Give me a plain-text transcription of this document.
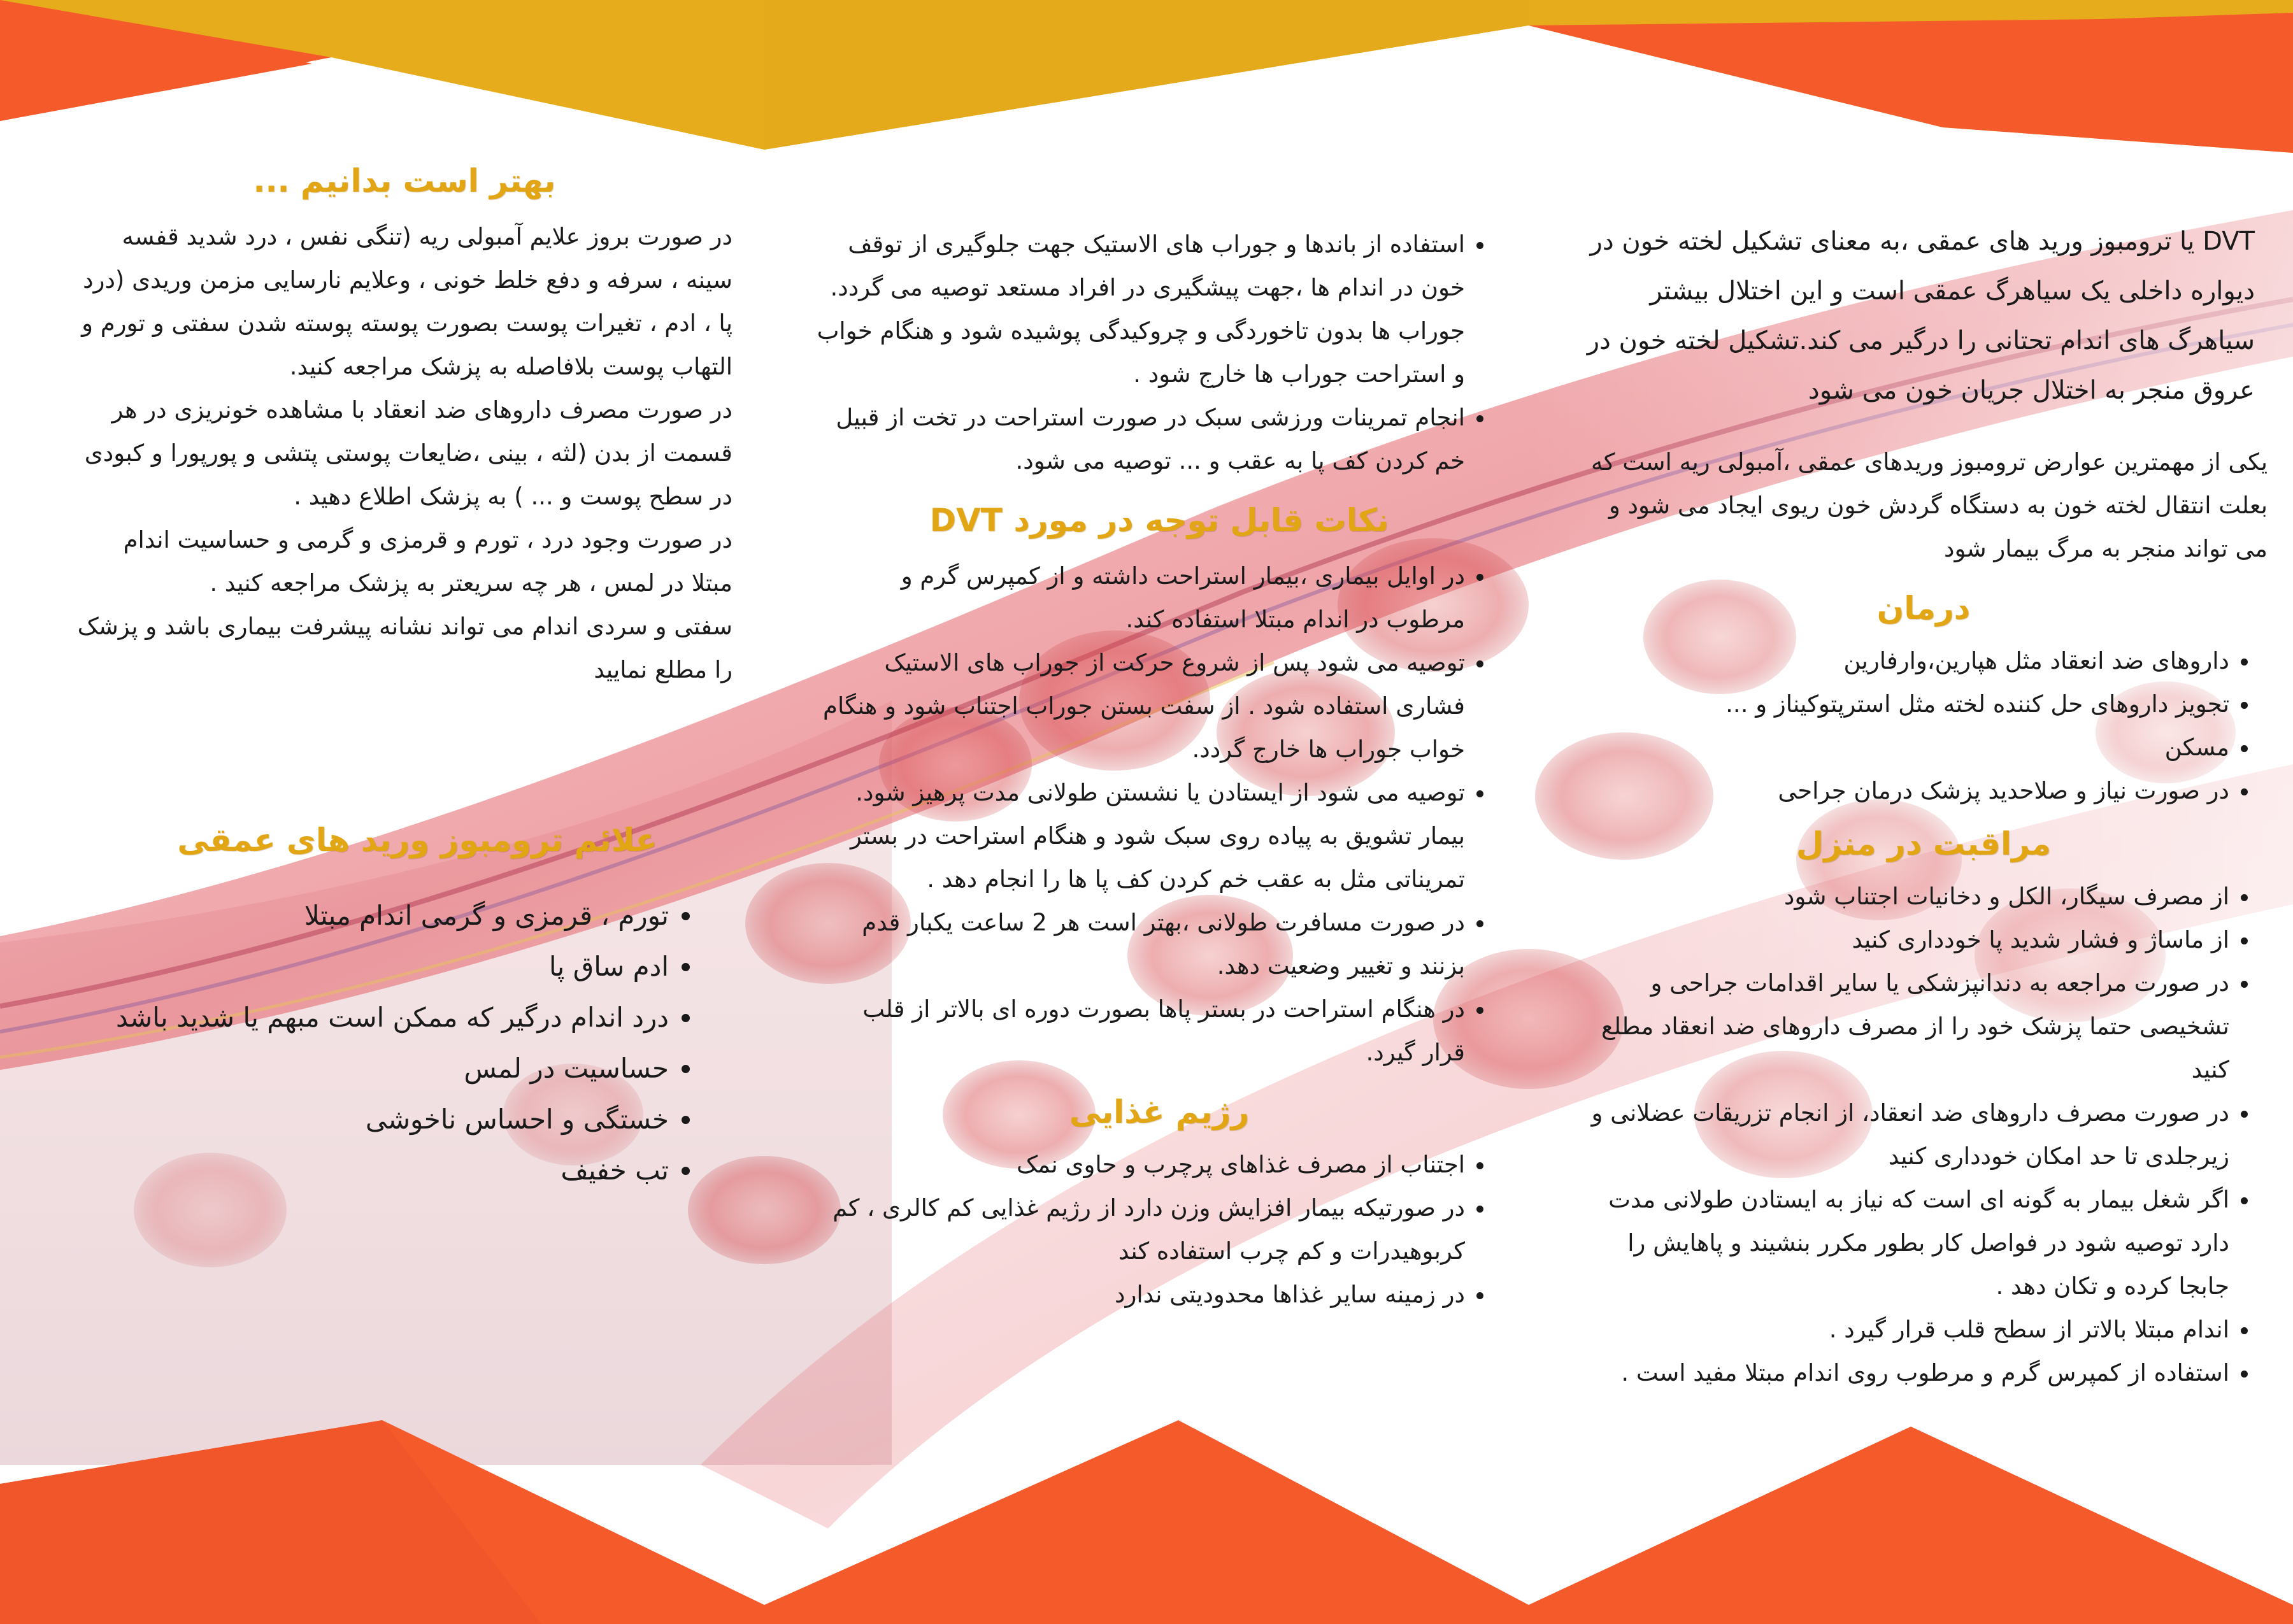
DVT یا ترومبوز ورید های عمقی ،به معنای تشکیل لخته خون در دیواره داخلی یک سیاهرگ عمقی است و این اختلال بیشتر سیاهرگ های اندام تحتانی را درگیر می کند.تشکیل لخته خون در عروق منجر به اختلال جریان خون می شود

یکی از مهمترین عوارض ترومبوز وریدهای عمقی ،آمبولی ریه است که بعلت انتقال لخته خون به دستگاه گردش خون ریوی ایجاد می شود و می تواند منجر به مرگ بیمار شود

درمان
• داروهای ضد انعقاد مثل هپارین،وارفارین
• تجویز داروهای حل کننده لخته مثل استرپتوکیناز و ...
• مسکن
• در صورت نیاز و صلاحدید پزشک درمان جراحی
مراقبت در منزل
• از مصرف سیگار، الکل و دخانیات اجتناب شود
• از ماساژ و فشار شدید پا خودداری کنید
• در صورت مراجعه به دندانپزشکی یا سایر اقدامات جراحی و تشخیصی حتما پزشک خود را از مصرف داروهای ضد انعقاد مطلع کنید
• در صورت مصرف داروهای ضد انعقاد، از انجام تزریقات عضلانی و زیرجلدی تا حد امکان خودداری کنید
• اگر شغل بیمار به گونه ای است که نیاز به ایستادن طولانی مدت دارد توصیه شود در فواصل کار بطور مکرر بنشیند و پاهایش را جابجا کرده و تکان دهد .
• اندام مبتلا بالاتر از سطح قلب قرار گیرد .
• استفاده از کمپرس گرم و مرطوب روی اندام مبتلا مفید است .
• استفاده از باندها و جوراب های الاستیک جهت جلوگیری از توقف خون در اندام ها ،جهت پیشگیری در افراد مستعد توصیه می گردد. جوراب ها بدون تاخوردگی و چروکیدگی پوشیده شود و هنگام خواب و استراحت جوراب ها خارج شود .
• انجام تمرینات ورزشی سبک در صورت استراحت در تخت از قبیل خم کردن کف پا به عقب و ... توصیه می شود.
نکات قابل توجه در مورد DVT
• در اوایل بیماری ،بیمار استراحت داشته و از کمپرس گرم و مرطوب در اندام مبتلا استفاده کند.
• توصیه می شود پس از شروع حرکت از جوراب های الاستیک فشاری استفاده شود . از سفت بستن جوراب اجتناب شود و هنگام خواب جوراب ها خارج گردد.
• توصیه می شود از ایستادن یا نشستن طولانی مدت پرهیز شود. بیمار تشویق به پیاده روی سبک شود و هنگام استراحت در بستر تمریناتی مثل به عقب خم کردن کف پا ها را انجام دهد .
• در صورت مسافرت طولانی ،بهتر است هر 2 ساعت یکبار قدم بزنند و تغییر وضعیت دهد.
• در هنگام استراحت در بستر پاها بصورت دوره ای بالاتر از قلب قرار گیرد.
رژیم غذایی
• اجتناب از مصرف غذاهای پرچرب و حاوی نمک
• در صورتیکه بیمار افزایش وزن دارد از رژیم غذایی کم کالری ، کم کربوهیدرات و کم چرب استفاده کند
• در زمینه سایر غذاها محدودیتی ندارد
بهتر است بدانیم ...

در صورت بروز علایم آمبولی ریه (تنگی نفس ، درد شدید قفسه سینه ، سرفه و دفع خلط خونی ، وعلایم نارسایی مزمن وریدی (درد پا ، ادم ، تغیرات پوست بصورت پوسته پوسته شدن سفتی و تورم و التهاب پوست بلافاصله به پزشک مراجعه کنید.

در صورت مصرف داروهای ضد انعقاد با مشاهده خونریزی در هر قسمت از بدن (لثه ، بینی ،ضایعات پوستی پتشی و پورپورا و کبودی در سطح پوست و ... ) به پزشک اطلاع دهید .

در صورت وجود درد ، تورم و قرمزی و گرمی و حساسیت اندام مبتلا در لمس ، هر چه سریعتر به پزشک مراجعه کنید .

سفتی و سردی اندام می تواند نشانه پیشرفت بیماری باشد و پزشک را مطلع نمایید

علائم ترومبوز ورید های عمقی
• تورم ، قرمزی و گرمی اندام مبتلا
• ادم ساق پا
• درد اندام درگیر که ممکن است مبهم یا شدید باشد
• حساسیت در لمس
• خستگی و احساس ناخوشی
• تب خفیف
